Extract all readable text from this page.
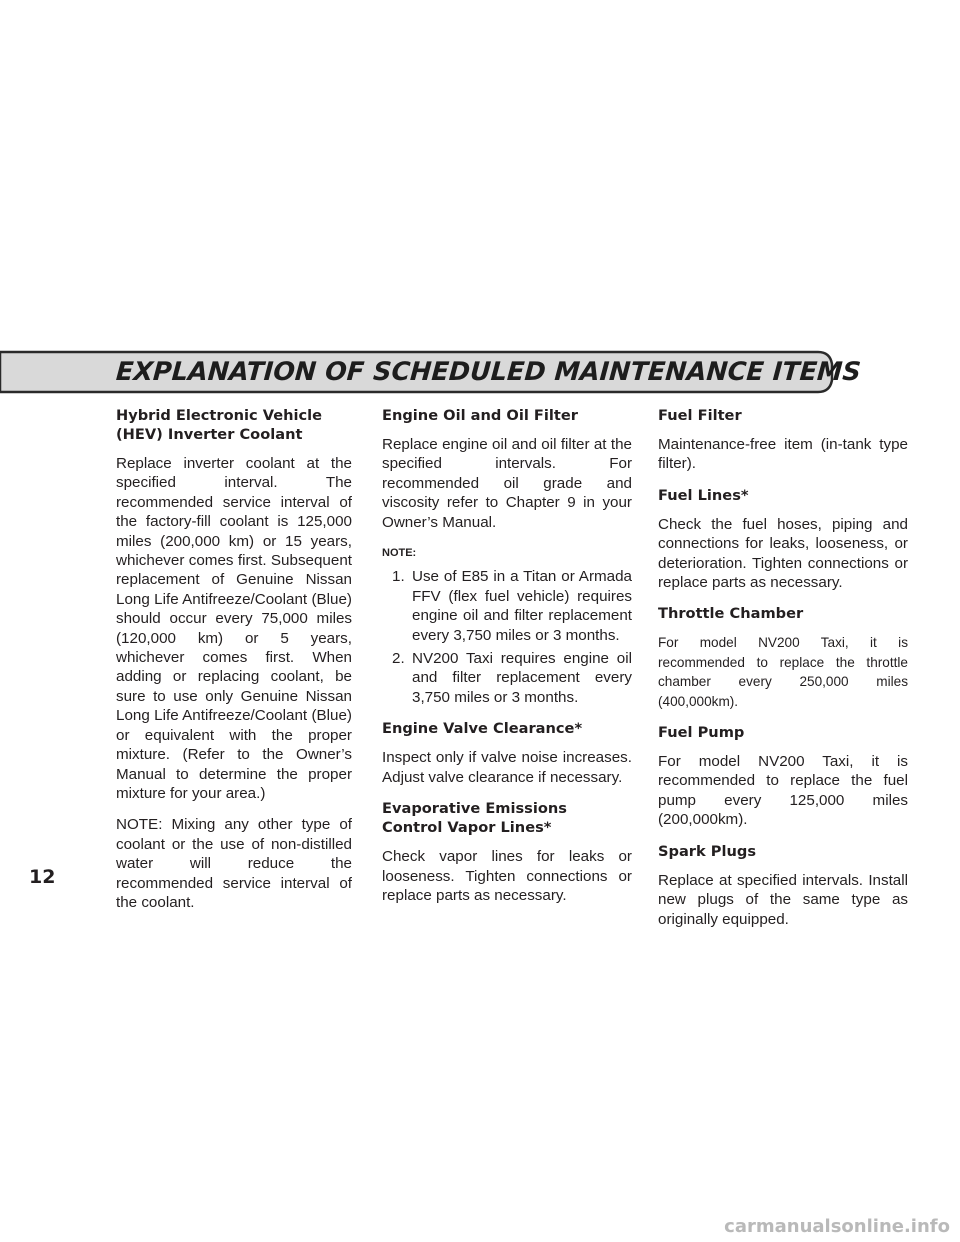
EXPLANATION OF SCHEDULED MAINTENANCE ITEMS
Hybrid Electronic Vehicle (HEV) Inverter Coolant

Replace inverter coolant at the specified interval. The recommended service interval of the factory-fill coolant is 125,000 miles (200,000 km) or 15 years, whichever comes first. Subsequent replacement of Genuine Nissan Long Life Antifreeze/Coolant (Blue) should occur every 75,000 miles (120,000 km) or 5 years, whichever comes first. When adding or replacing coolant, be sure to use only Genuine Nissan Long Life Antifreeze/Coolant (Blue) or equivalent with the proper mixture. (Refer to the Owner’s Manual to determine the proper mixture for your area.)

NOTE: Mixing any other type of coolant or the use of non-distilled water will reduce the recommended service interval of the coolant.

Engine Oil and Oil Filter

Replace engine oil and oil filter at the specified intervals. For recommended oil grade and viscosity refer to Chapter 9 in your Owner’s Manual.

NOTE:
1. Use of E85 in a Titan or Armada FFV (flex fuel vehicle) requires engine oil and filter replacement every 3,750 miles or 3 months.
2. NV200 Taxi requires engine oil and filter replacement every 3,750 miles or 3 months.
Engine Valve Clearance*

Inspect only if valve noise increases. Adjust valve clearance if necessary.

Evaporative Emissions Control Vapor Lines*

Check vapor lines for leaks or looseness. Tighten connections or replace parts as necessary.

Fuel Filter

Maintenance-free item (in-tank type filter).

Fuel Lines*

Check the fuel hoses, piping and connections for leaks, looseness, or deterioration. Tighten connections or replace parts as necessary.

Throttle Chamber

For model NV200 Taxi, it is recommended to replace the throttle chamber every 250,000 miles (400,000km).

Fuel Pump

For model NV200 Taxi, it is recommended to replace the fuel pump every 125,000 miles (200,000km).

Spark Plugs

Replace at specified intervals. Install new plugs of the same type as originally equipped.

12
carmanualsonline.info
